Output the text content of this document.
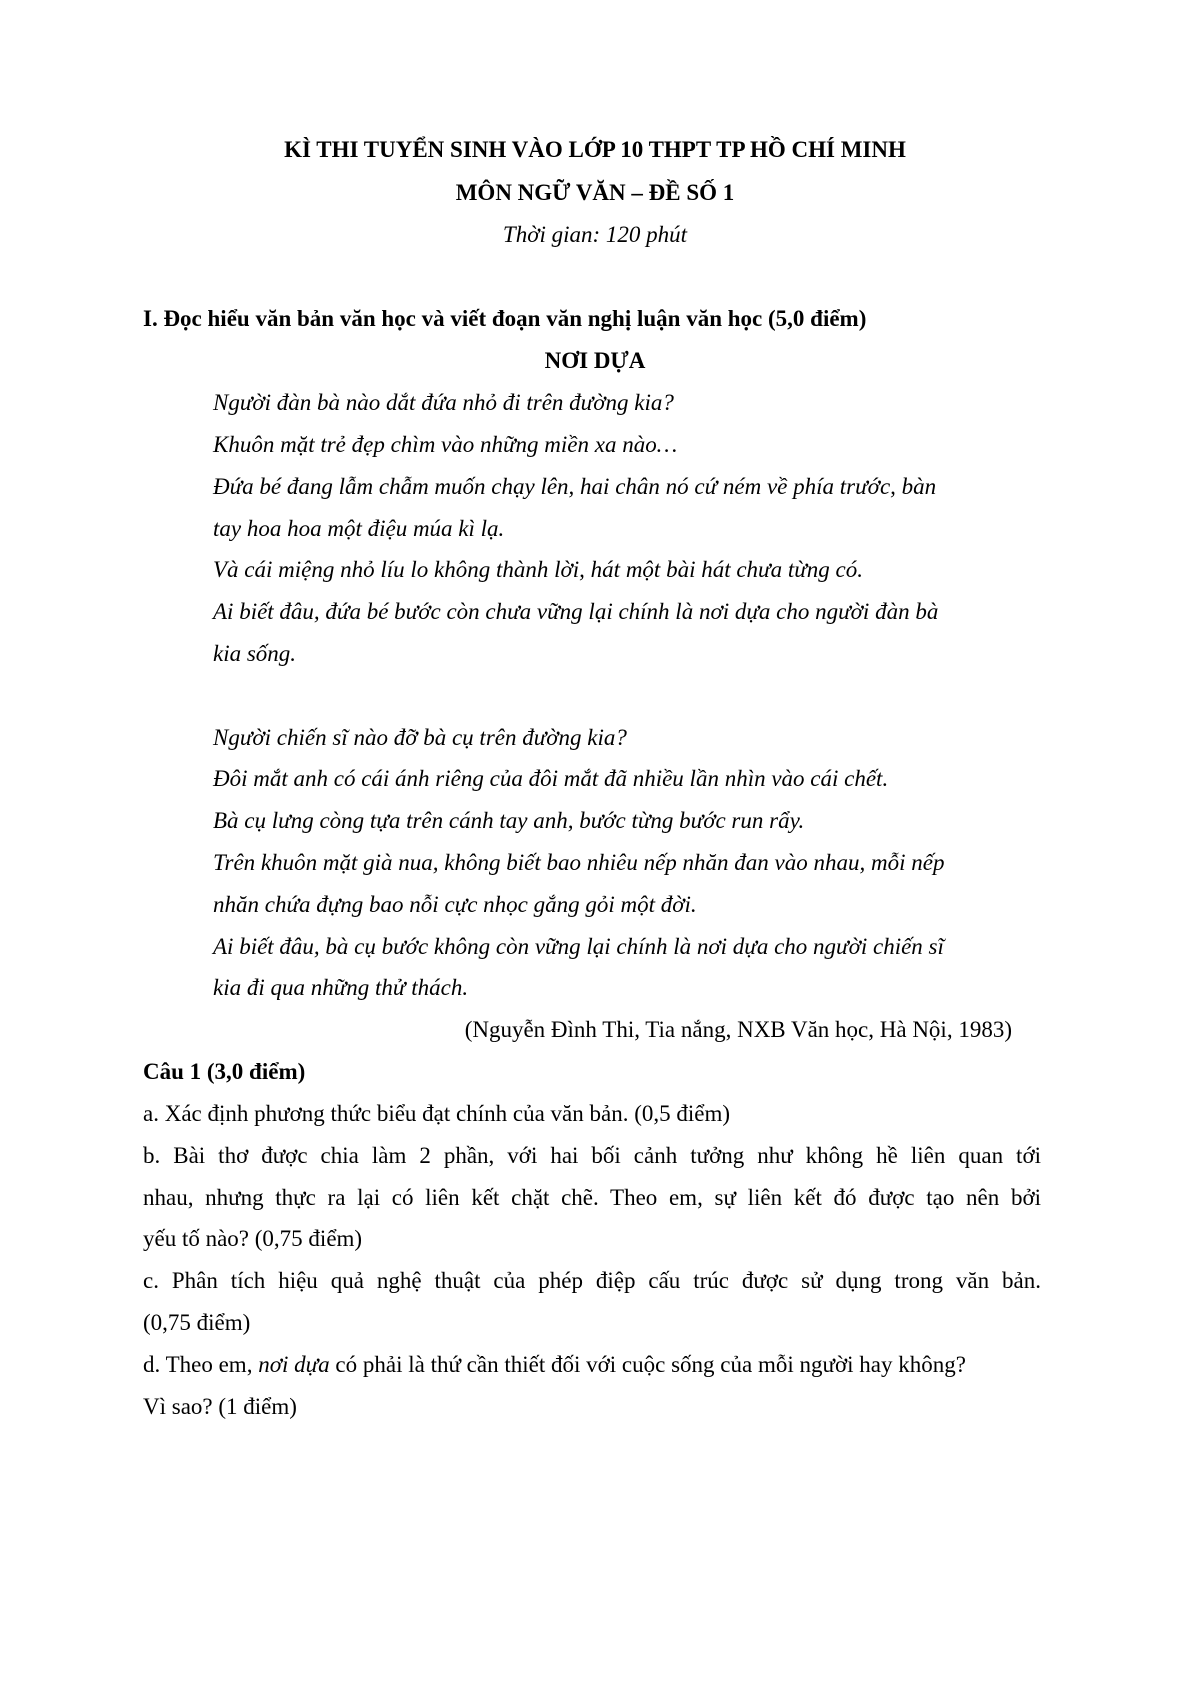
KÌ THI TUYỂN SINH VÀO LỚP 10 THPT TP HỒ CHÍ MINH
MÔN NGỮ VĂN – ĐỀ SỐ 1
Thời gian: 120 phút
I. Đọc hiểu văn bản văn học và viết đoạn văn nghị luận văn học (5,0 điểm)
NƠI DỰA
Người đàn bà nào dắt đứa nhỏ đi trên đường kia?
Khuôn mặt trẻ đẹp chìm vào những miền xa nào…
Đứa bé đang lẫm chẫm muốn chạy lên, hai chân nó cứ ném về phía trước, bàn
tay hoa hoa một điệu múa kì lạ.
Và cái miệng nhỏ líu lo không thành lời, hát một bài hát chưa từng có.
Ai biết đâu, đứa bé bước còn chưa vững lại chính là nơi dựa cho người đàn bà
kia sống.
Người chiến sĩ nào đỡ bà cụ trên đường kia?
Đôi mắt anh có cái ánh riêng của đôi mắt đã nhiều lần nhìn vào cái chết.
Bà cụ lưng còng tựa trên cánh tay anh, bước từng bước run rẩy.
Trên khuôn mặt già nua, không biết bao nhiêu nếp nhăn đan vào nhau, mỗi nếp
nhăn chứa đựng bao nỗi cực nhọc gắng gỏi một đời.
Ai biết đâu, bà cụ bước không còn vững lại chính là nơi dựa cho người chiến sĩ
kia đi qua những thử thách.
(Nguyễn Đình Thi, Tia nắng, NXB Văn học, Hà Nội, 1983)
Câu 1 (3,0 điểm)
a. Xác định phương thức biểu đạt chính của văn bản. (0,5 điểm)
b. Bài thơ được chia làm 2 phần, với hai bối cảnh tưởng như không hề liên quan tới
nhau, nhưng thực ra lại có liên kết chặt chẽ. Theo em, sự liên kết đó được tạo nên bởi
yếu tố nào? (0,75 điểm)
c. Phân tích hiệu quả nghệ thuật của phép điệp cấu trúc được sử dụng trong văn bản.
(0,75 điểm)
d. Theo em, nơi dựa có phải là thứ cần thiết đối với cuộc sống của mỗi người hay không?
Vì sao? (1 điểm)
